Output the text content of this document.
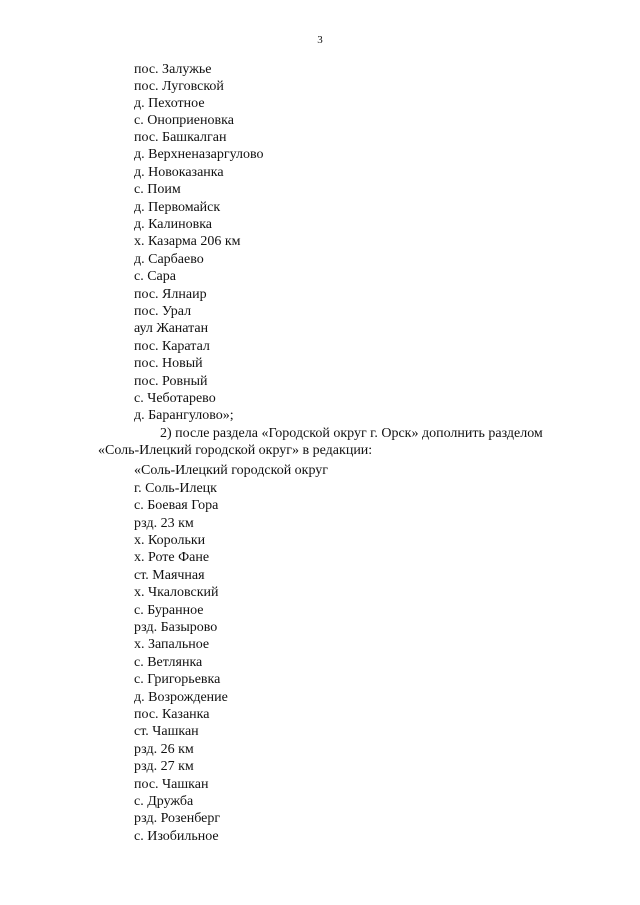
3
пос. Залужье
пос. Луговской
д. Пехотное
с. Оноприеновка
пос. Башкалган
д. Верхненазаргулово
д. Новоказанка
с. Поим
д. Первомайск
д. Калиновка
х. Казарма 206 км
д. Сарбаево
с. Сара
пос. Ялнаир
пос. Урал
аул Жанатан
пос. Каратал
пос. Новый
пос. Ровный
с. Чеботарево
д. Барангулово»;
2) после раздела «Городской округ г. Орск» дополнить разделом
«Соль-Илецкий городской округ» в редакции:
«Соль-Илецкий городской округ
г. Соль-Илецк
с. Боевая Гора
рзд. 23 км
х. Корольки
х. Роте Фане
ст. Маячная
х. Чкаловский
с. Буранное
рзд. Базырово
х. Запальное
с. Ветлянка
с. Григорьевка
д. Возрождение
пос. Казанка
ст. Чашкан
рзд. 26 км
рзд. 27 км
пос. Чашкан
с. Дружба
рзд. Розенберг
с. Изобильное
